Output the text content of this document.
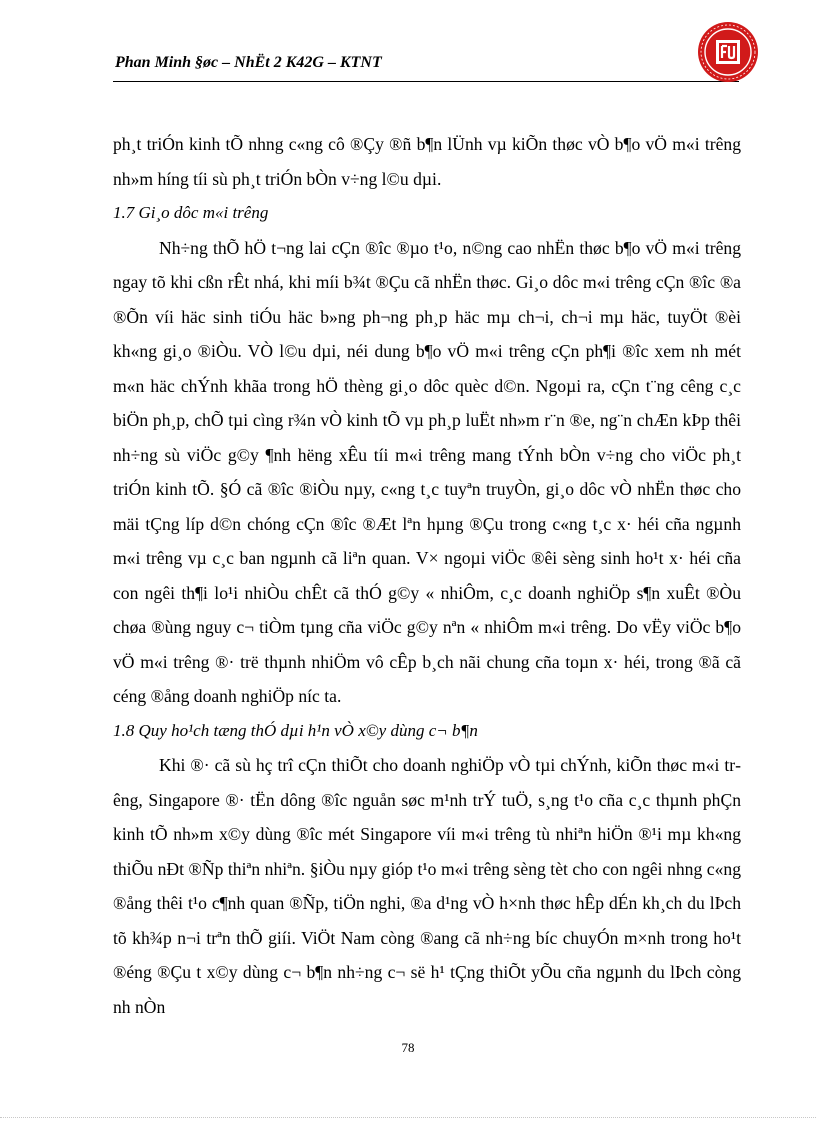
Phan Minh §øc – NhËt 2 K42G – KTNT

ph¸t triÓn kinh tÕ nhng c«ng cô ®Çy ®ñ b¶n lÜnh vµ kiÕn thøc vÒ b¶o vÖ m«i trêng nh»m híng tíi sù ph¸t triÓn bÒn v÷ng l©u dµi.

1.7 Gi¸o dôc m«i trêng

Nh÷ng thÕ hÖ t¬ng lai cÇn ®îc ®µo t¹o, n©ng cao nhËn thøc b¶o vÖ m«i trêng ngay tõ khi cßn rÊt nhá, khi míi b¾t ®Çu cã nhËn thøc. Gi¸o dôc m«i trêng cÇn ®îc ®a ®Õn víi häc sinh tiÓu häc b»ng ph¬ng ph¸p häc mµ ch¬i, ch¬i mµ häc, tuyÖt ®èi kh«ng gi¸o ®iÒu. VÒ l©u dµi, néi dung b¶o vÖ m«i trêng cÇn ph¶i ®îc xem nh mét m«n häc chÝnh khãa trong hÖ thèng gi¸o dôc quèc d©n. Ngoµi ra, cÇn t¨ng cêng c¸c biÖn ph¸p, chÕ tµi cìng r¾n vÒ kinh tÕ vµ ph¸p luËt nh»m r¨n ®e, ng¨n chÆn kÞp thêi nh÷ng sù viÖc g©y ¶nh hëng xÊu tíi m«i trêng mang tÝnh bÒn v÷ng cho viÖc ph¸t triÓn kinh tÕ. §Ó cã ®îc ®iÒu nµy, c«ng t¸c tuyªn truyÒn, gi¸o dôc vÒ nhËn thøc cho mäi tÇng líp d©n chóng cÇn ®îc ®Æt lªn hµng ®Çu trong c«ng t¸c x· héi cña ngµnh m«i trêng vµ c¸c ban ngµnh cã liªn quan. V× ngoµi viÖc ®êi sèng sinh ho¹t x· héi cña con ngêi th¶i lo¹i nhiÒu chÊt cã thÓ g©y « nhiÔm, c¸c doanh nghiÖp s¶n xuÊt ®Òu chøa ®ùng nguy c¬ tiÒm tµng cña viÖc g©y nªn « nhiÔm m«i trêng. Do vËy viÖc b¶o vÖ m«i trêng ®· trë thµnh nhiÖm vô cÊp b¸ch nãi chung cña toµn x· héi, trong ®ã cã céng ®ång doanh nghiÖp níc ta.

1.8 Quy ho¹ch tæng thÓ dµi h¹n vÒ x©y dùng c¬ b¶n

Khi ®· cã sù hç trî cÇn thiÕt cho doanh nghiÖp vÒ tµi chÝnh, kiÕn thøc m«i trêng, Singapore ®· tËn dông ®îc nguån søc m¹nh trÝ tuÖ, s¸ng t¹o cña c¸c thµnh phÇn kinh tÕ nh»m x©y dùng ®îc mét Singapore víi m«i trêng tù nhiªn hiÖn ®¹i mµ kh«ng thiÕu nÐt ®Ñp thiªn nhiªn. §iÒu nµy gióp t¹o m«i trêng sèng tèt cho con ngêi nhng c«ng ®ång thêi t¹o c¶nh quan ®Ñp, tiÖn nghi, ®a d¹ng vÒ h×nh thøc hÊp dÉn kh¸ch du lÞch tõ kh¾p n¬i trªn thÕ giíi. ViÖt Nam còng ®ang cã nh÷ng bíc chuyÓn m×nh trong ho¹t ®éng ®Çu t x©y dùng c¬ b¶n nh÷ng c¬ së h¹ tÇng thiÕt yÕu cña ngµnh du lÞch còng nh nÒn

78
